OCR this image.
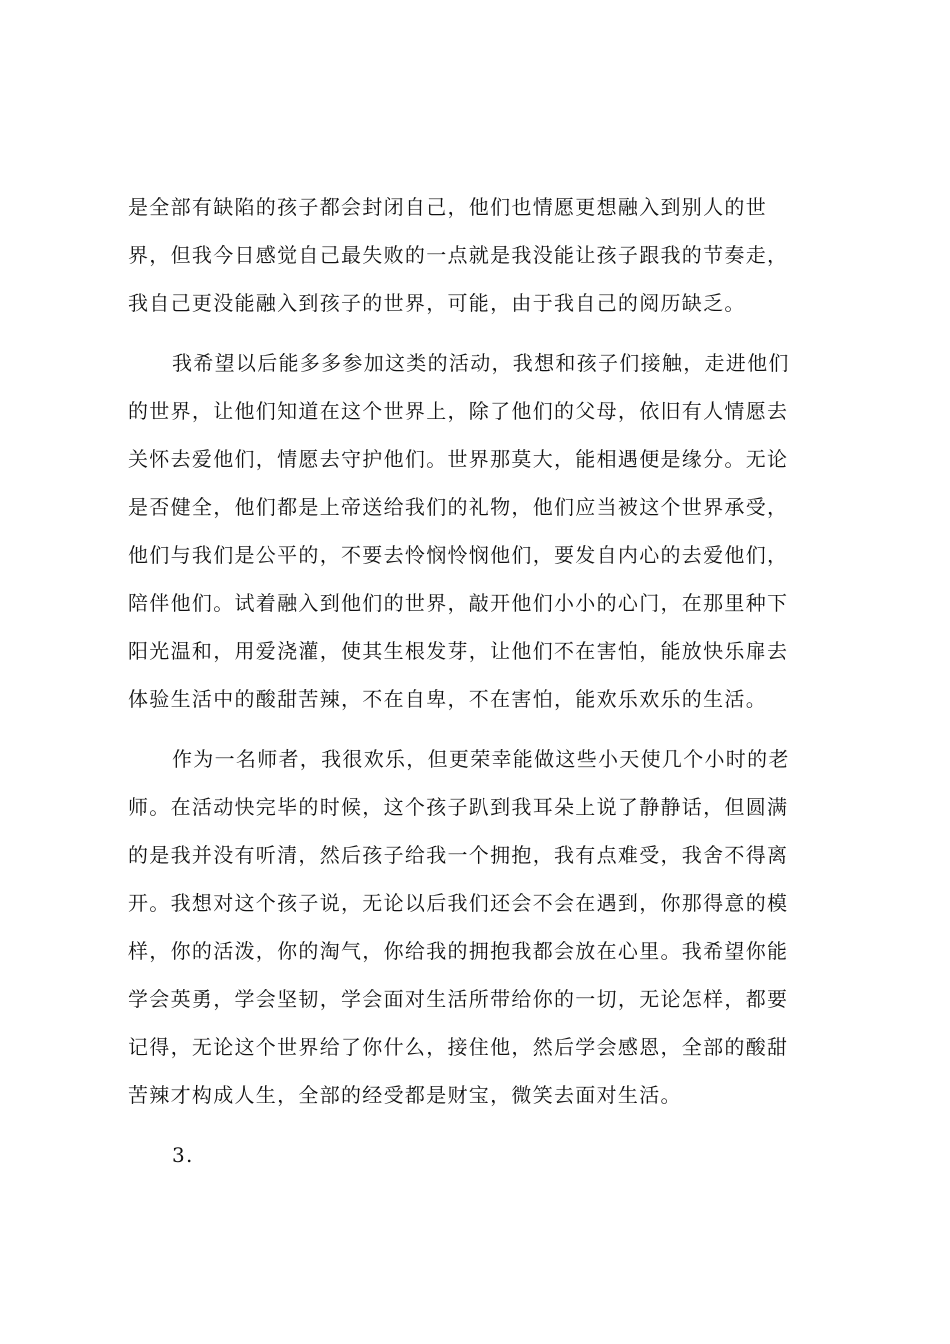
是全部有缺陷的孩子都会封闭自己，他们也情愿更想融入到别人的世
界，但我今日感觉自己最失败的一点就是我没能让孩子跟我的节奏走，
我自己更没能融入到孩子的世界，可能，由于我自己的阅历缺乏。
我希望以后能多多参加这类的活动，我想和孩子们接触，走进他们
的世界，让他们知道在这个世界上，除了他们的父母，依旧有人情愿去
关怀去爱他们，情愿去守护他们。世界那莫大，能相遇便是缘分。无论
是否健全，他们都是上帝送给我们的礼物，他们应当被这个世界承受，
他们与我们是公平的，不要去怜悯怜悯他们，要发自内心的去爱他们，
陪伴他们。试着融入到他们的世界，敲开他们小小的心门，在那里种下
阳光温和，用爱浇灌，使其生根发芽，让他们不在害怕，能放快乐扉去
体验生活中的酸甜苦辣，不在自卑，不在害怕，能欢乐欢乐的生活。
作为一名师者，我很欢乐，但更荣幸能做这些小天使几个小时的老
师。在活动快完毕的时候，这个孩子趴到我耳朵上说了静静话，但圆满
的是我并没有听清，然后孩子给我一个拥抱，我有点难受，我舍不得离
开。我想对这个孩子说，无论以后我们还会不会在遇到，你那得意的模
样，你的活泼，你的淘气，你给我的拥抱我都会放在心里。我希望你能
学会英勇，学会坚韧，学会面对生活所带给你的一切，无论怎样，都要
记得，无论这个世界给了你什么，接住他，然后学会感恩，全部的酸甜
苦辣才构成人生，全部的经受都是财宝，微笑去面对生活。
3.
